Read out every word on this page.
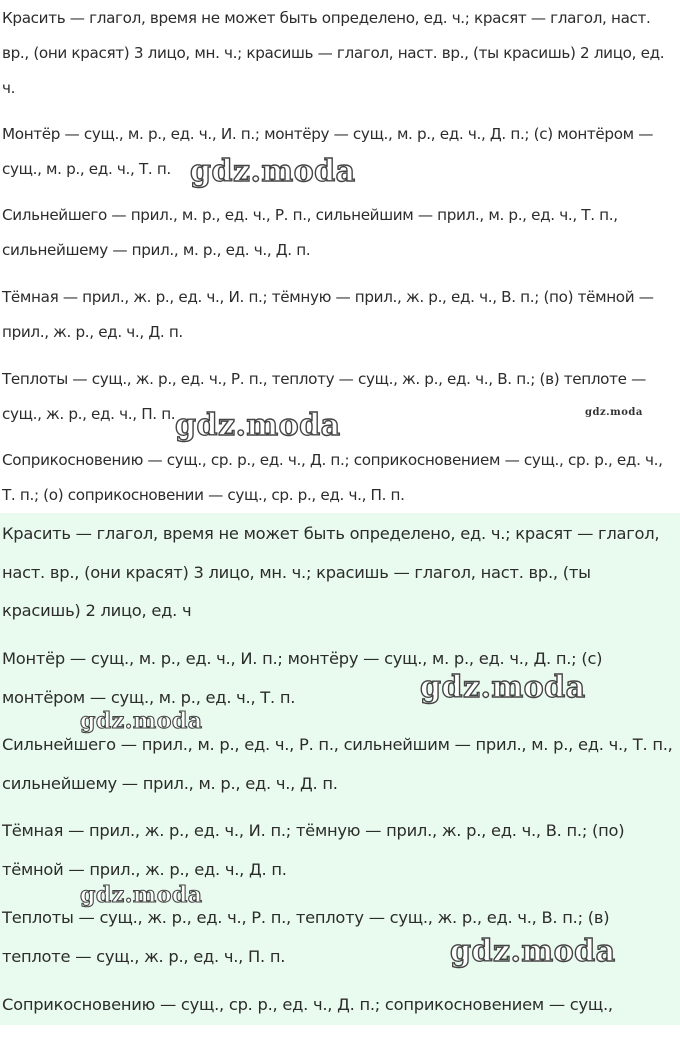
Красить — глагол, время не может быть определено, ед. ч.; красят — глагол, наст. вр., (они красят) 3 лицо, мн. ч.; красишь — глагол, наст. вр., (ты красишь) 2 лицо, ед. ч.

Монтёр — сущ., м. р., ед. ч., И. п.; монтёру — сущ., м. р., ед. ч., Д. п.; (с) монтёром — сущ., м. р., ед. ч., Т. п.

Сильнейшего — прил., м. р., ед. ч., Р. п., сильнейшим — прил., м. р., ед. ч., Т. п., сильнейшему — прил., м. р., ед. ч., Д. п.

Тёмная — прил., ж. р., ед. ч., И. п.; тёмную — прил., ж. р., ед. ч., В. п.; (по) тёмной — прил., ж. р., ед. ч., Д. п.

Теплоты — сущ., ж. р., ед. ч., Р. п., теплоту — сущ., ж. р., ед. ч., В. п.; (в) теплоте — сущ., ж. р., ед. ч., П. п.

Соприкосновению — сущ., ср. р., ед. ч., Д. п.; соприкосновением — сущ., ср. р., ед. ч., Т. п.; (о) соприкосновении — сущ., ср. р., ед. ч., П. п.

Красить — глагол, время не может быть определено, ед. ч.; красят — глагол, наст. вр., (они красят) 3 лицо, мн. ч.; красишь — глагол, наст. вр., (ты красишь) 2 лицо, ед. ч

Монтёр — сущ., м. р., ед. ч., И. п.; монтёру — сущ., м. р., ед. ч., Д. п.; (с) монтёром — сущ., м. р., ед. ч., Т. п.

Сильнейшего — прил., м. р., ед. ч., Р. п., сильнейшим — прил., м. р., ед. ч., Т. п., сильнейшему — прил., м. р., ед. ч., Д. п.

Тёмная — прил., ж. р., ед. ч., И. п.; тёмную — прил., ж. р., ед. ч., В. п.; (по) тёмной — прил., ж. р., ед. ч., Д. п.

Теплоты — сущ., ж. р., ед. ч., Р. п., теплоту — сущ., ж. р., ед. ч., В. п.; (в) теплоте — сущ., ж. р., ед. ч., П. п.

Соприкосновению — сущ., ср. р., ед. ч., Д. п.; соприкосновением — сущ.,

gdz.moda
gdz.moda
gdz.moda
gdz.moda
gdz.moda
gdz.moda
gdz.moda
